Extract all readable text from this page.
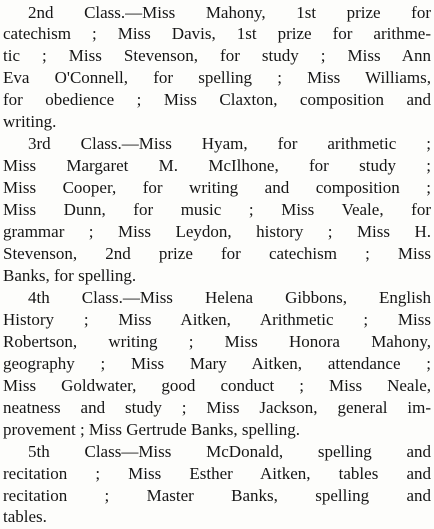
2nd Class.—Miss Mahony, 1st prize for
catechism ; Miss Davis, 1st prize for arithme-
tic ; Miss Stevenson, for study ; Miss Ann
Eva O'Connell, for spelling ; Miss Williams,
for obedience ; Miss Claxton, composition and
writing.
3rd Class.—Miss Hyam, for arithmetic ;
Miss Margaret M. McIlhone, for study ;
Miss Cooper, for writing and composition ;
Miss Dunn, for music ; Miss Veale, for
grammar ; Miss Leydon, history ; Miss H.
Stevenson, 2nd prize for catechism ; Miss
Banks, for spelling.
4th Class.—Miss Helena Gibbons, English
History ; Miss Aitken, Arithmetic ; Miss
Robertson, writing ; Miss Honora Mahony,
geography ; Miss Mary Aitken, attendance ;
Miss Goldwater, good conduct ; Miss Neale,
neatness and study ; Miss Jackson, general im-
provement ; Miss Gertrude Banks, spelling.
5th Class—Miss McDonald, spelling and
recitation ; Miss Esther Aitken, tables and
recitation ; Master Banks, spelling and
tables.
